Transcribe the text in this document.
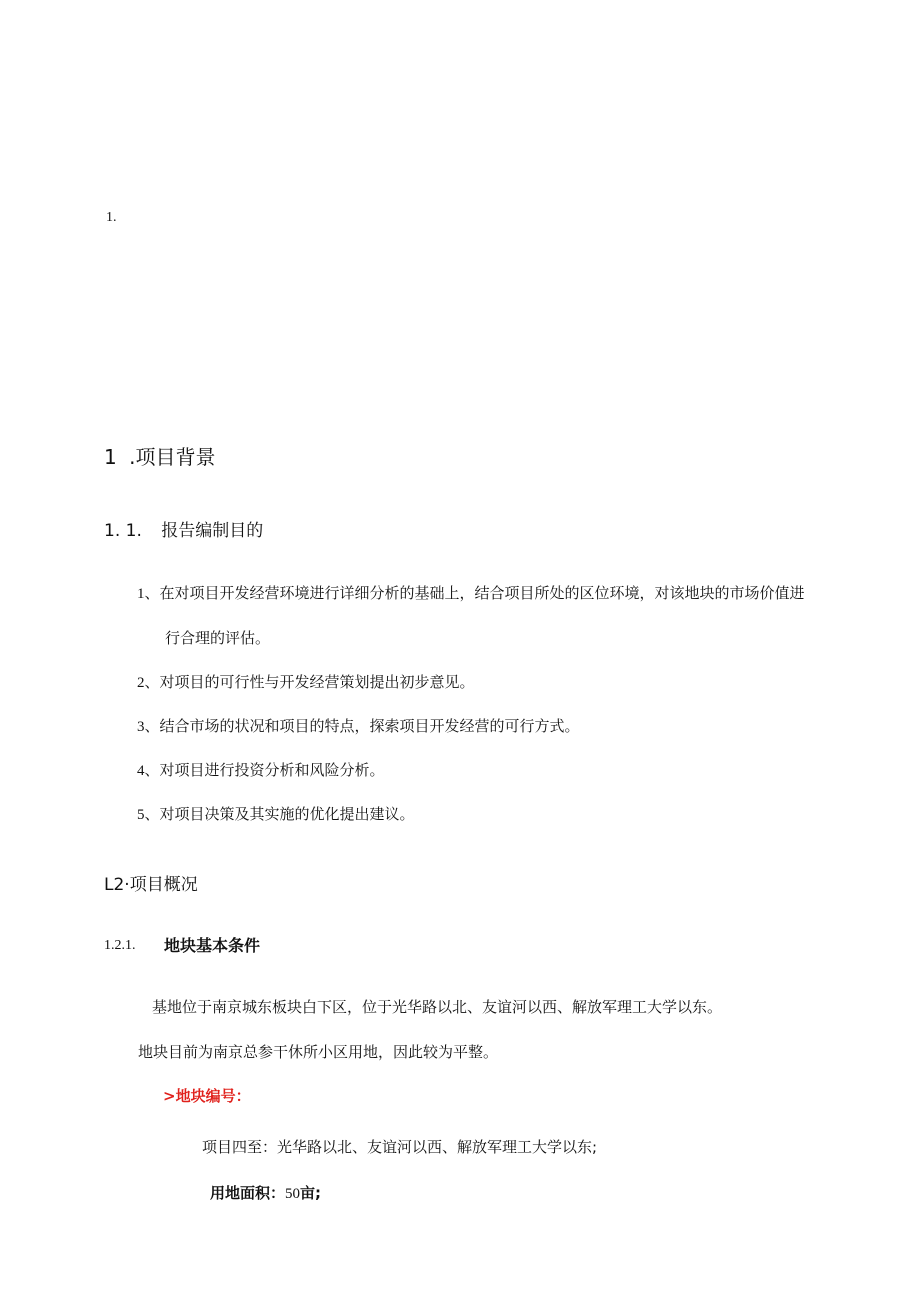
1.
1 .项目背景
1. 1. 报告编制目的
1、在对项目开发经营环境进行详细分析的基础上，结合项目所处的区位环境，对该地块的市场价值进
行合理的评估。
2、对项目的可行性与开发经营策划提出初步意见。
3、结合市场的状况和项目的特点，探索项目开发经营的可行方式。
4、对项目进行投资分析和风险分析。
5、对项目决策及其实施的优化提出建议。
L2·项目概况
1.2.1. 地块基本条件
基地位于南京城东板块白下区，位于光华路以北、友谊河以西、解放军理工大学以东。
地块目前为南京总参干休所小区用地，因此较为平整。
>地块编号：
项目四至：光华路以北、友谊河以西、解放军理工大学以东;
用地面积：50亩;
